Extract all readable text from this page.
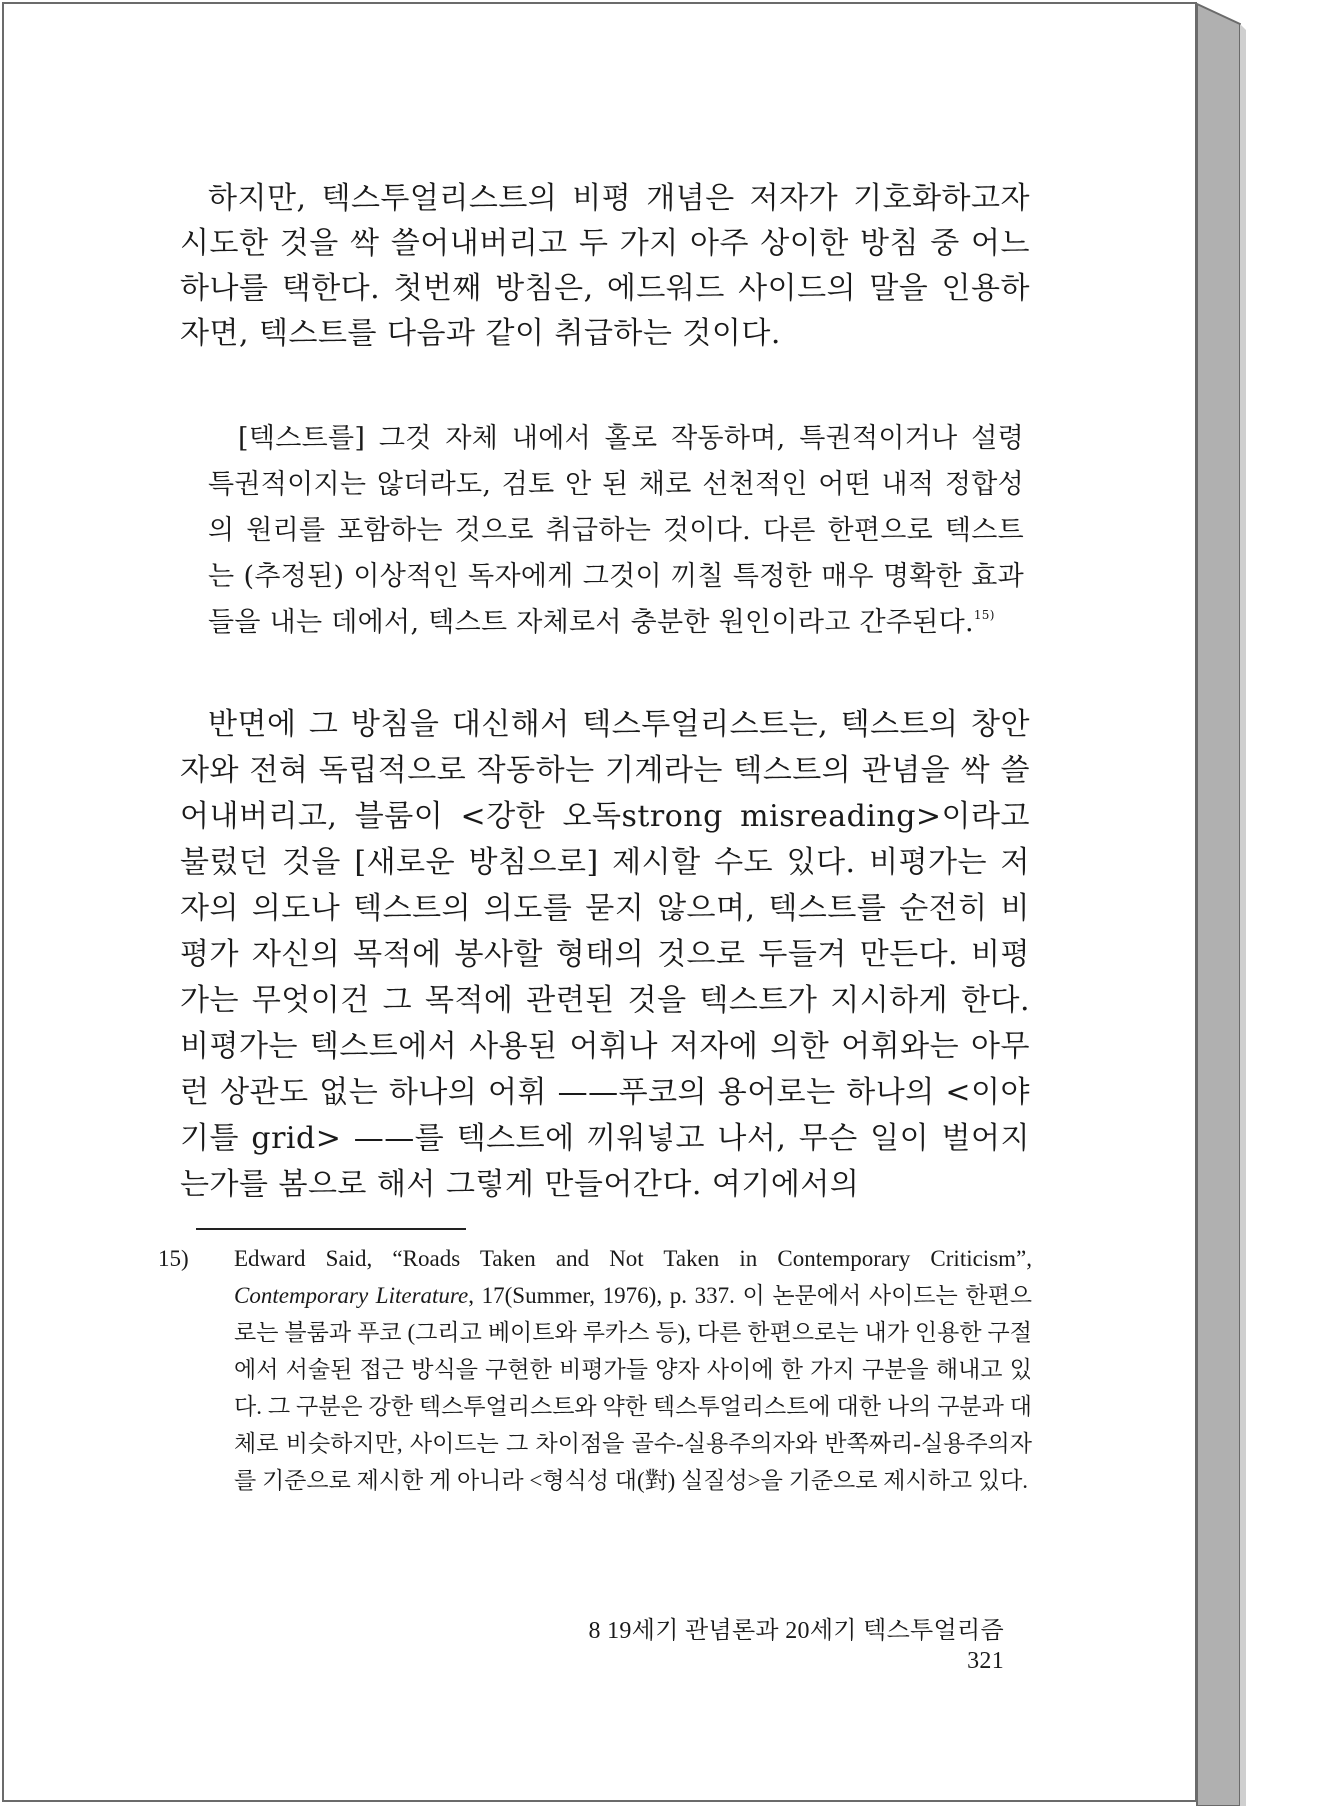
하지만, 텍스투얼리스트의 비평 개념은 저자가 기호화하고자 시도한 것을 싹 쓸어내버리고 두 가지 아주 상이한 방침 중 어느 하나를 택한다. 첫번째 방침은, 에드워드 사이드의 말을 인용하자면, 텍스트를 다음과 같이 취급하는 것이다.

[텍스트를] 그것 자체 내에서 홀로 작동하며, 특권적이거나 설령 특권적이지는 않더라도, 검토 안 된 채로 선천적인 어떤 내적 정합성의 원리를 포함하는 것으로 취급하는 것이다. 다른 한편으로 텍스트는 (추정된) 이상적인 독자에게 그것이 끼칠 특정한 매우 명확한 효과들을 내는 데에서, 텍스트 자체로서 충분한 원인이라고 간주된다.$^{15)}$

반면에 그 방침을 대신해서 텍스투얼리스트는, 텍스트의 창안자와 전혀 독립적으로 작동하는 기계라는 텍스트의 관념을 싹 쓸어내버리고, 블룸이 <강한 오독strong misreading>이라고 불렀던 것을 [새로운 방침으로] 제시할 수도 있다. 비평가는 저자의 의도나 텍스트의 의도를 묻지 않으며, 텍스트를 순전히 비평가 자신의 목적에 봉사할 형태의 것으로 두들겨 만든다. 비평가는 무엇이건 그 목적에 관련된 것을 텍스트가 지시하게 한다. 비평가는 텍스트에서 사용된 어휘나 저자에 의한 어휘와는 아무런 상관도 없는 하나의 어휘 ——푸코의 용어로는 하나의 <이야기틀 grid> ——를 텍스트에 끼워넣고 나서, 무슨 일이 벌어지는가를 봄으로 해서 그렇게 만들어간다. 여기에서의

15) Edward Said, “Roads Taken and Not Taken in Contemporary Criticism”, Contemporary Literature, 17(Summer, 1976), p. 337. 이 논문에서 사이드는 한편으로는 블룸과 푸코 (그리고 베이트와 루카스 등), 다른 한편으로는 내가 인용한 구절에서 서술된 접근 방식을 구현한 비평가들 양자 사이에 한 가지 구분을 해내고 있다. 그 구분은 강한 텍스투얼리스트와 약한 텍스투얼리스트에 대한 나의 구분과 대체로 비슷하지만, 사이드는 그 차이점을 골수-실용주의자와 반쪽짜리-실용주의자를 기준으로 제시한 게 아니라 <형식성 대(對) 실질성>을 기준으로 제시하고 있다.
8 19세기 관념론과 20세기 텍스투얼리즘321
